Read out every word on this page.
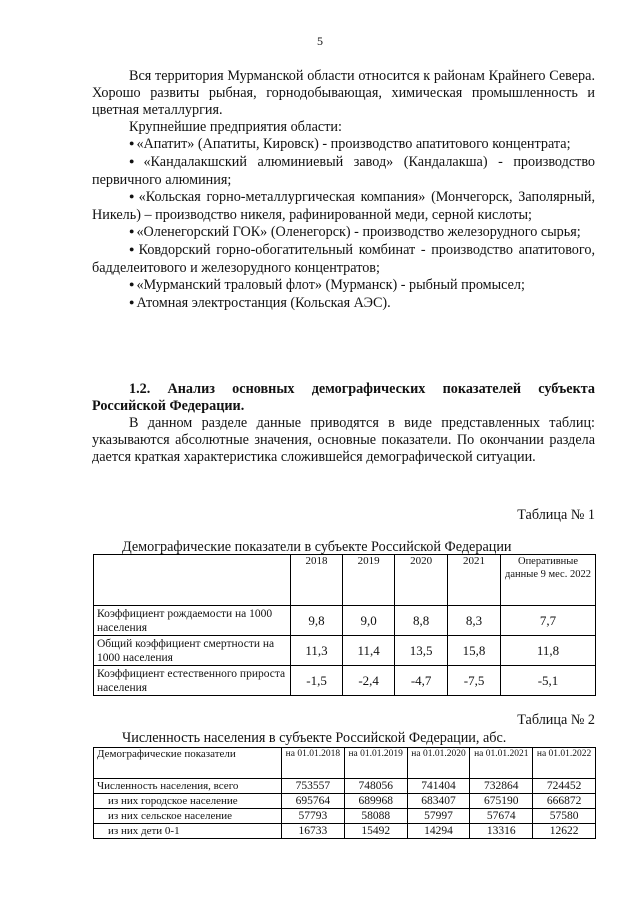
5

Вся территория Мурманской области относится к районам Крайнего Севера. Хорошо развиты рыбная, горнодобывающая, химическая промышленность и цветная металлургия.

Крупнейшие предприятия области:

● «Апатит» (Апатиты, Кировск) - производство апатитового концентрата;

● «Кандалакшский алюминиевый завод» (Кандалакша) - производство первичного алюминия;

● «Кольская горно-металлургическая компания» (Мончегорск, Заполярный, Никель) – производство никеля, рафинированной меди, серной кислоты;

● «Оленегорский ГОК» (Оленегорск) - производство железорудного сырья;

● Ковдорский горно-обогатительный комбинат - производство апатитового, бадделеитового и железорудного концентратов;

● «Мурманский траловый флот» (Мурманск) - рыбный промысел;

● Атомная электростанция (Кольская АЭС).

1.2. Анализ основных демографических показателей субъекта Российской Федерации.

В данном разделе данные приводятся в виде представленных таблиц: указываются абсолютные значения, основные показатели. По окончании раздела дается краткая характеристика сложившейся демографической ситуации.

Таблица № 1
Демографические показатели в субъекте Российской Федерации
	2018	2019	2020	2021	Оперативные данные 9 мес. 2022
Коэффициент рождаемости на 1000 населения	9,8	9,0	8,8	8,3	7,7
Общий коэффициент смертности на 1000 населения	11,3	11,4	13,5	15,8	11,8
Коэффициент естественного прироста населения	-1,5	-2,4	-4,7	-7,5	-5,1
Таблица № 2
Численность населения в субъекте Российской Федерации, абс.
Демографические показатели	на 01.01.2018	на 01.01.2019	на 01.01.2020	на 01.01.2021	на 01.01.2022
Численность населения, всего	753557	748056	741404	732864	724452
из них городское население	695764	689968	683407	675190	666872
из них сельское население	57793	58088	57997	57674	57580
из них дети 0-1	16733	15492	14294	13316	12622
